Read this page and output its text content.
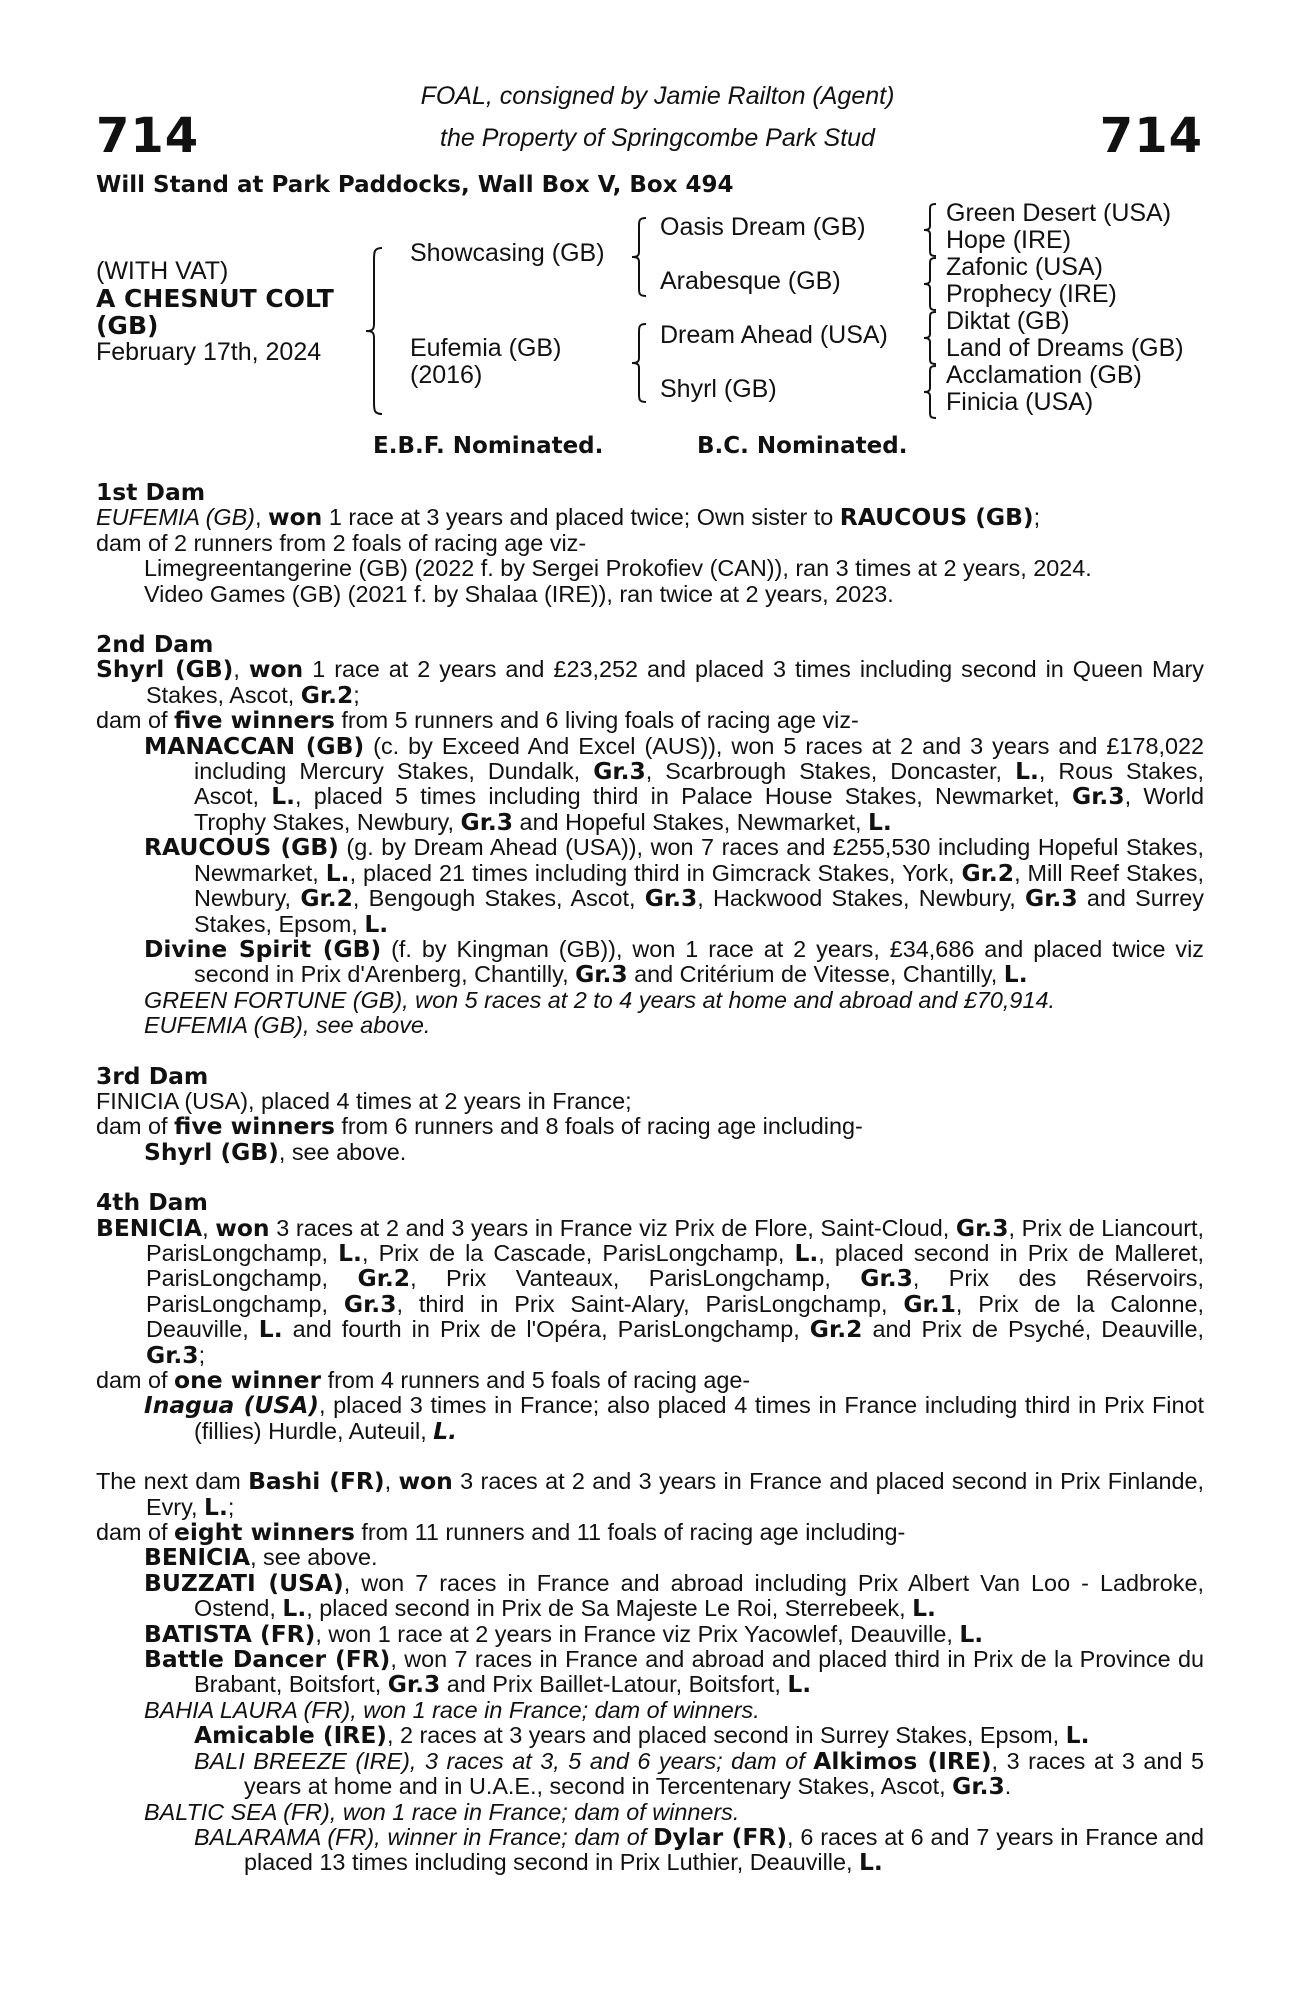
714	714
FOAL, consigned by Jamie Railton (Agent)
the Property of Springcombe Park Stud
Will Stand at Park Paddocks, Wall Box V, Box 494
(WITH VAT)
A CHESNUT COLT
(GB)
February 17th, 2024
Showcasing (GB)
Eufemia (GB)
(2016)
Oasis Dream (GB)
Arabesque (GB)
Dream Ahead (USA)
Shyrl (GB)
Green Desert (USA)
Hope (IRE)
Zafonic (USA)
Prophecy (IRE)
Diktat (GB)
Land of Dreams (GB)
Acclamation (GB)
Finicia (USA)
E.B.F. Nominated.	B.C. Nominated.
1st Dam
EUFEMIA (GB), won 1 race at 3 years and placed twice; Own sister to RAUCOUS (GB);
dam of 2 runners from 2 foals of racing age viz-
Limegreentangerine (GB) (2022 f. by Sergei Prokofiev (CAN)), ran 3 times at 2 years, 2024.
Video Games (GB) (2021 f. by Shalaa (IRE)), ran twice at 2 years, 2023.
2nd Dam
Shyrl (GB), won 1 race at 2 years and £23,252 and placed 3 times including second in Queen Mary Stakes, Ascot, Gr.2;
dam of five winners from 5 runners and 6 living foals of racing age viz-
MANACCAN (GB) (c. by Exceed And Excel (AUS)), won 5 races at 2 and 3 years and £178,022 including Mercury Stakes, Dundalk, Gr.3, Scarbrough Stakes, Doncaster, L., Rous Stakes, Ascot, L., placed 5 times including third in Palace House Stakes, Newmarket, Gr.3, World Trophy Stakes, Newbury, Gr.3 and Hopeful Stakes, Newmarket, L.
RAUCOUS (GB) (g. by Dream Ahead (USA)), won 7 races and £255,530 including Hopeful Stakes, Newmarket, L., placed 21 times including third in Gimcrack Stakes, York, Gr.2, Mill Reef Stakes, Newbury, Gr.2, Bengough Stakes, Ascot, Gr.3, Hackwood Stakes, Newbury, Gr.3 and Surrey Stakes, Epsom, L.
Divine Spirit (GB) (f. by Kingman (GB)), won 1 race at 2 years, £34,686 and placed twice viz second in Prix d'Arenberg, Chantilly, Gr.3 and Critérium de Vitesse, Chantilly, L.
GREEN FORTUNE (GB), won 5 races at 2 to 4 years at home and abroad and £70,914.
EUFEMIA (GB), see above.
3rd Dam
FINICIA (USA), placed 4 times at 2 years in France;
dam of five winners from 6 runners and 8 foals of racing age including-
Shyrl (GB), see above.
4th Dam
BENICIA, won 3 races at 2 and 3 years in France viz Prix de Flore, Saint-Cloud, Gr.3, Prix de Liancourt, ParisLongchamp, L., Prix de la Cascade, ParisLongchamp, L., placed second in Prix de Malleret, ParisLongchamp, Gr.2, Prix Vanteaux, ParisLongchamp, Gr.3, Prix des Réservoirs, ParisLongchamp, Gr.3, third in Prix Saint-Alary, ParisLongchamp, Gr.1, Prix de la Calonne, Deauville, L. and fourth in Prix de l'Opéra, ParisLongchamp, Gr.2 and Prix de Psyché, Deauville, Gr.3;
dam of one winner from 4 runners and 5 foals of racing age-
Inagua (USA), placed 3 times in France; also placed 4 times in France including third in Prix Finot (fillies) Hurdle, Auteuil, L.
The next dam Bashi (FR), won 3 races at 2 and 3 years in France and placed second in Prix Finlande, Evry, L.;
dam of eight winners from 11 runners and 11 foals of racing age including-
BENICIA, see above.
BUZZATI (USA), won 7 races in France and abroad including Prix Albert Van Loo - Ladbroke, Ostend, L., placed second in Prix de Sa Majeste Le Roi, Sterrebeek, L.
BATISTA (FR), won 1 race at 2 years in France viz Prix Yacowlef, Deauville, L.
Battle Dancer (FR), won 7 races in France and abroad and placed third in Prix de la Province du Brabant, Boitsfort, Gr.3 and Prix Baillet-Latour, Boitsfort, L.
BAHIA LAURA (FR), won 1 race in France; dam of winners.
Amicable (IRE), 2 races at 3 years and placed second in Surrey Stakes, Epsom, L.
BALI BREEZE (IRE), 3 races at 3, 5 and 6 years; dam of Alkimos (IRE), 3 races at 3 and 5 years at home and in U.A.E., second in Tercentenary Stakes, Ascot, Gr.3.
BALTIC SEA (FR), won 1 race in France; dam of winners.
BALARAMA (FR), winner in France; dam of Dylar (FR), 6 races at 6 and 7 years in France and placed 13 times including second in Prix Luthier, Deauville, L.
